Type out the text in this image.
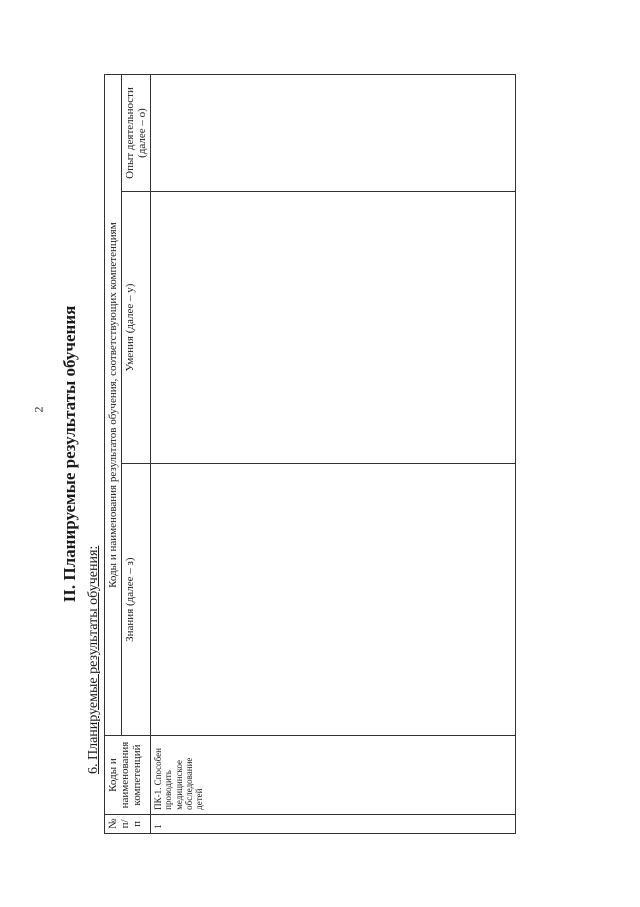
2 II. Планируемые результаты обучения
6. Планируемые результаты обучения:
№ п/п	Коды и наименования компетенций	Коды и наименования результатов обучения, соответствующих компетенциям		
		Знания (далее – з)	Умения (далее – у)	Опыт деятельности (далее – о)
1	ПК-1. Способен проводить медицинское обследование детей			
